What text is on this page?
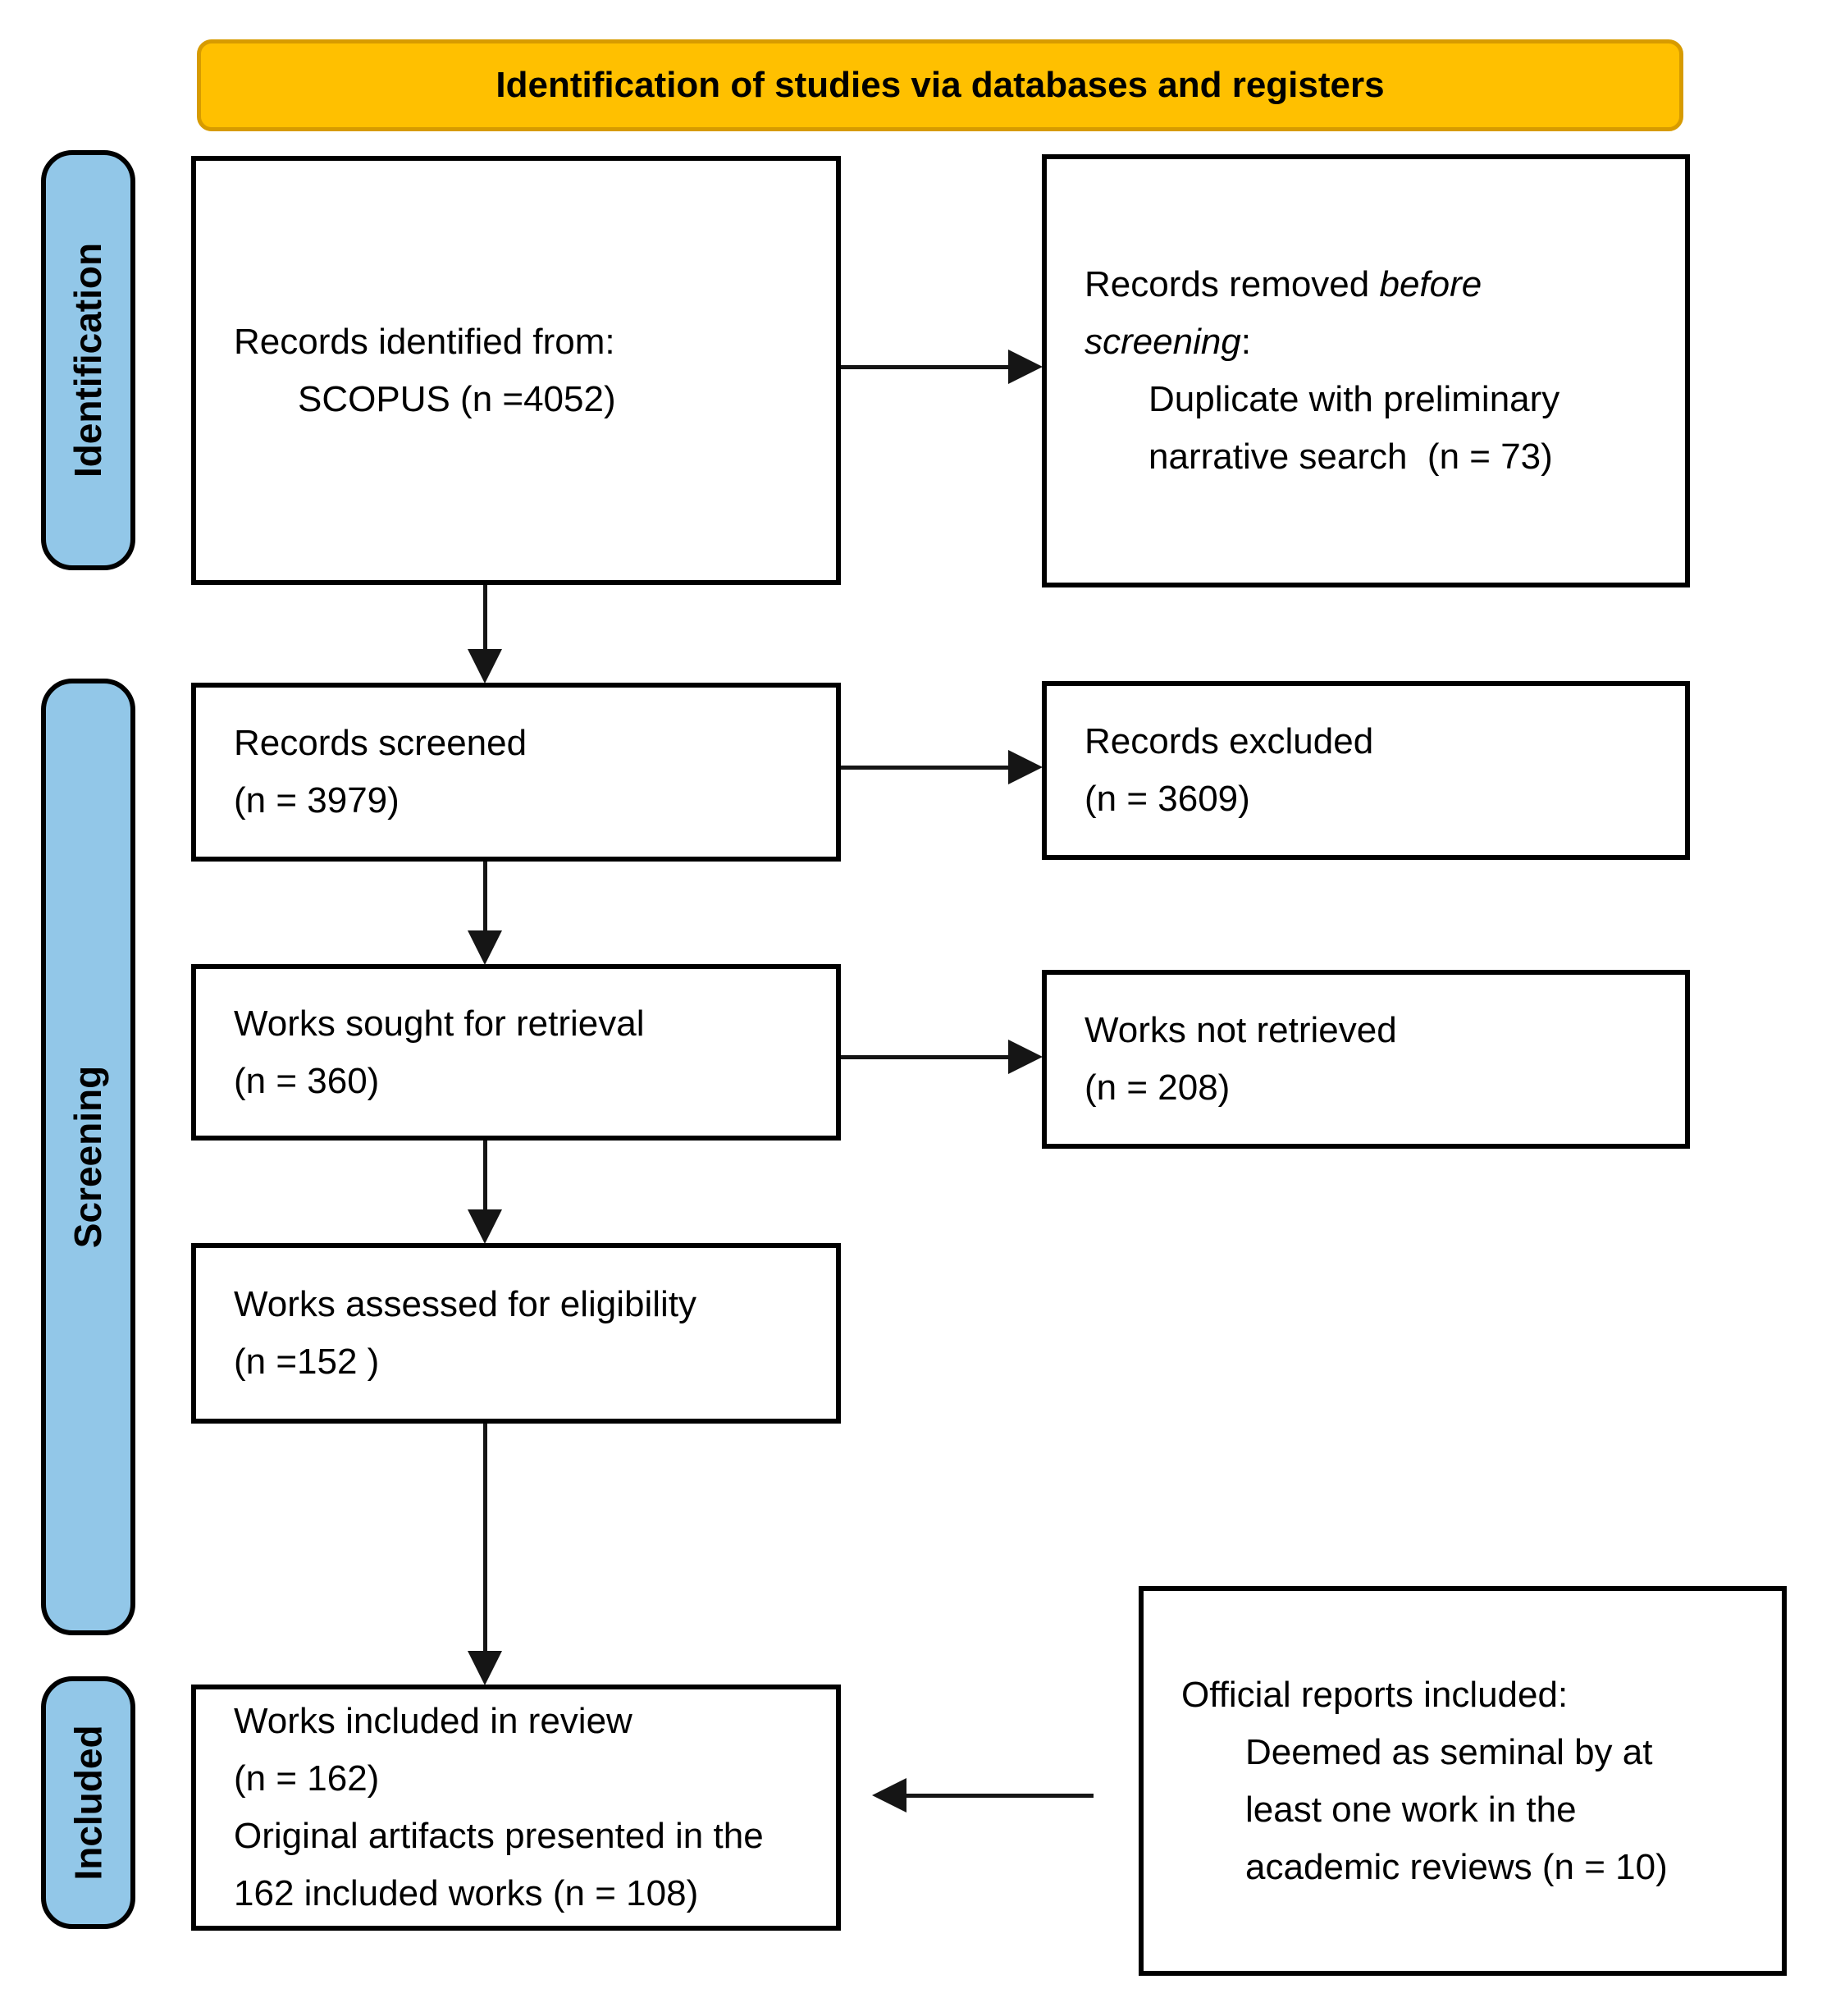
Identification of studies via databases and registers
Identification
Screening
Included
Records identified from:
SCOPUS (n =4052)
Records screened
(n = 3979)
Works sought for retrieval
(n = 360)
Works assessed for eligibility
(n =152 )
Works included in review
(n = 162)
Original artifacts presented in the
162 included works (n = 108)
Records removed before
screening:
Duplicate with preliminary
narrative search  (n = 73)
Records excluded
(n = 3609)
Works not retrieved
(n = 208)
Official reports included:
Deemed as seminal by at
least one work in the
academic reviews (n = 10)
